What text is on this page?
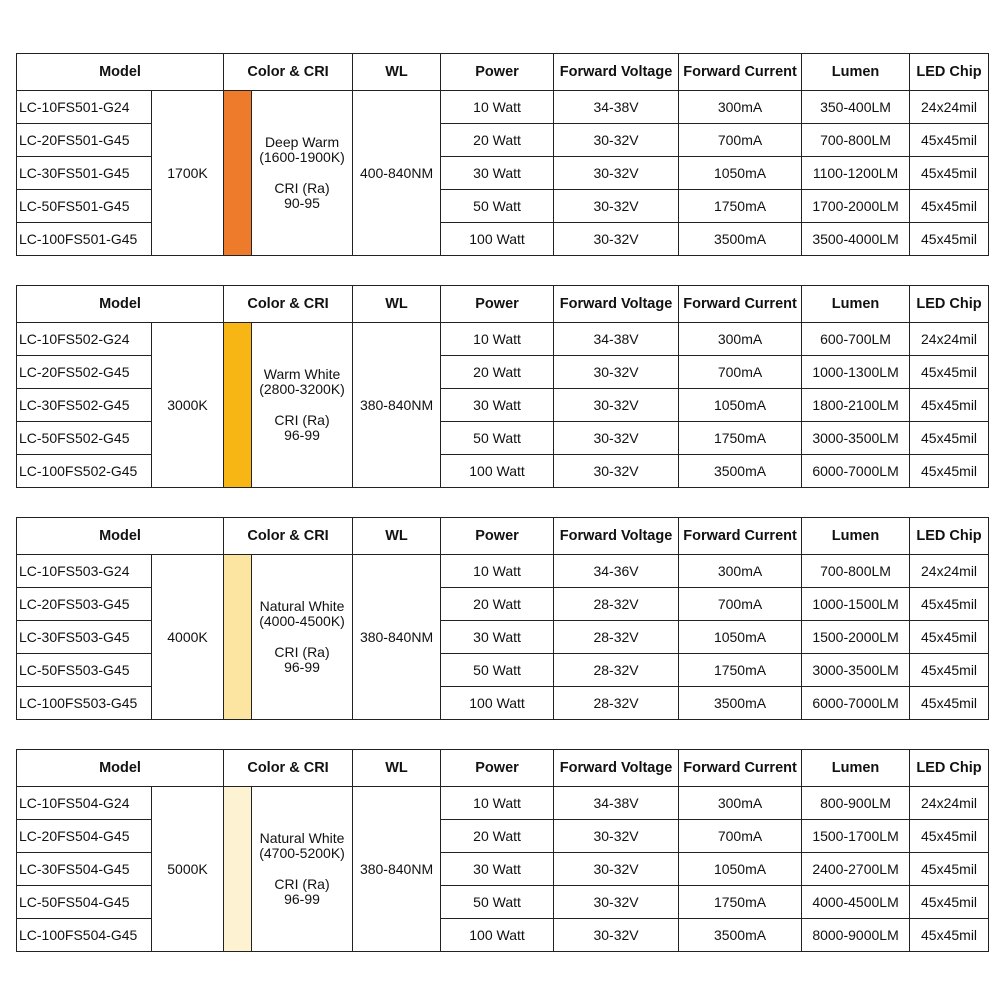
Model		Color & CRI		WL	Power	Forward Voltage	Forward Current	Lumen	LED Chip
LC-10FS501-G24	1700K		Deep Warm
(1600-1900K)
CRI (Ra)
90-95	400-840NM	10 Watt	34-38V	300mA	350-400LM	24x24mil
LC-20FS501-G45					20 Watt	30-32V	700mA	700-800LM	45x45mil
LC-30FS501-G45					30 Watt	30-32V	1050mA	1100-1200LM	45x45mil
LC-50FS501-G45					50 Watt	30-32V	1750mA	1700-2000LM	45x45mil
LC-100FS501-G45					100 Watt	30-32V	3500mA	3500-4000LM	45x45mil
Model		Color & CRI		WL	Power	Forward Voltage	Forward Current	Lumen	LED Chip
LC-10FS502-G24	3000K		Warm White
(2800-3200K)
CRI (Ra)
96-99	380-840NM	10 Watt	34-38V	300mA	600-700LM	24x24mil
LC-20FS502-G45					20 Watt	30-32V	700mA	1000-1300LM	45x45mil
LC-30FS502-G45					30 Watt	30-32V	1050mA	1800-2100LM	45x45mil
LC-50FS502-G45					50 Watt	30-32V	1750mA	3000-3500LM	45x45mil
LC-100FS502-G45					100 Watt	30-32V	3500mA	6000-7000LM	45x45mil
Model		Color & CRI		WL	Power	Forward Voltage	Forward Current	Lumen	LED Chip
LC-10FS503-G24	4000K		Natural White
(4000-4500K)
CRI (Ra)
96-99	380-840NM	10 Watt	34-36V	300mA	700-800LM	24x24mil
LC-20FS503-G45					20 Watt	28-32V	700mA	1000-1500LM	45x45mil
LC-30FS503-G45					30 Watt	28-32V	1050mA	1500-2000LM	45x45mil
LC-50FS503-G45					50 Watt	28-32V	1750mA	3000-3500LM	45x45mil
LC-100FS503-G45					100 Watt	28-32V	3500mA	6000-7000LM	45x45mil
Model		Color & CRI		WL	Power	Forward Voltage	Forward Current	Lumen	LED Chip
LC-10FS504-G24	5000K		Natural White
(4700-5200K)
CRI (Ra)
96-99	380-840NM	10 Watt	34-38V	300mA	800-900LM	24x24mil
LC-20FS504-G45					20 Watt	30-32V	700mA	1500-1700LM	45x45mil
LC-30FS504-G45					30 Watt	30-32V	1050mA	2400-2700LM	45x45mil
LC-50FS504-G45					50 Watt	30-32V	1750mA	4000-4500LM	45x45mil
LC-100FS504-G45					100 Watt	30-32V	3500mA	8000-9000LM	45x45mil
